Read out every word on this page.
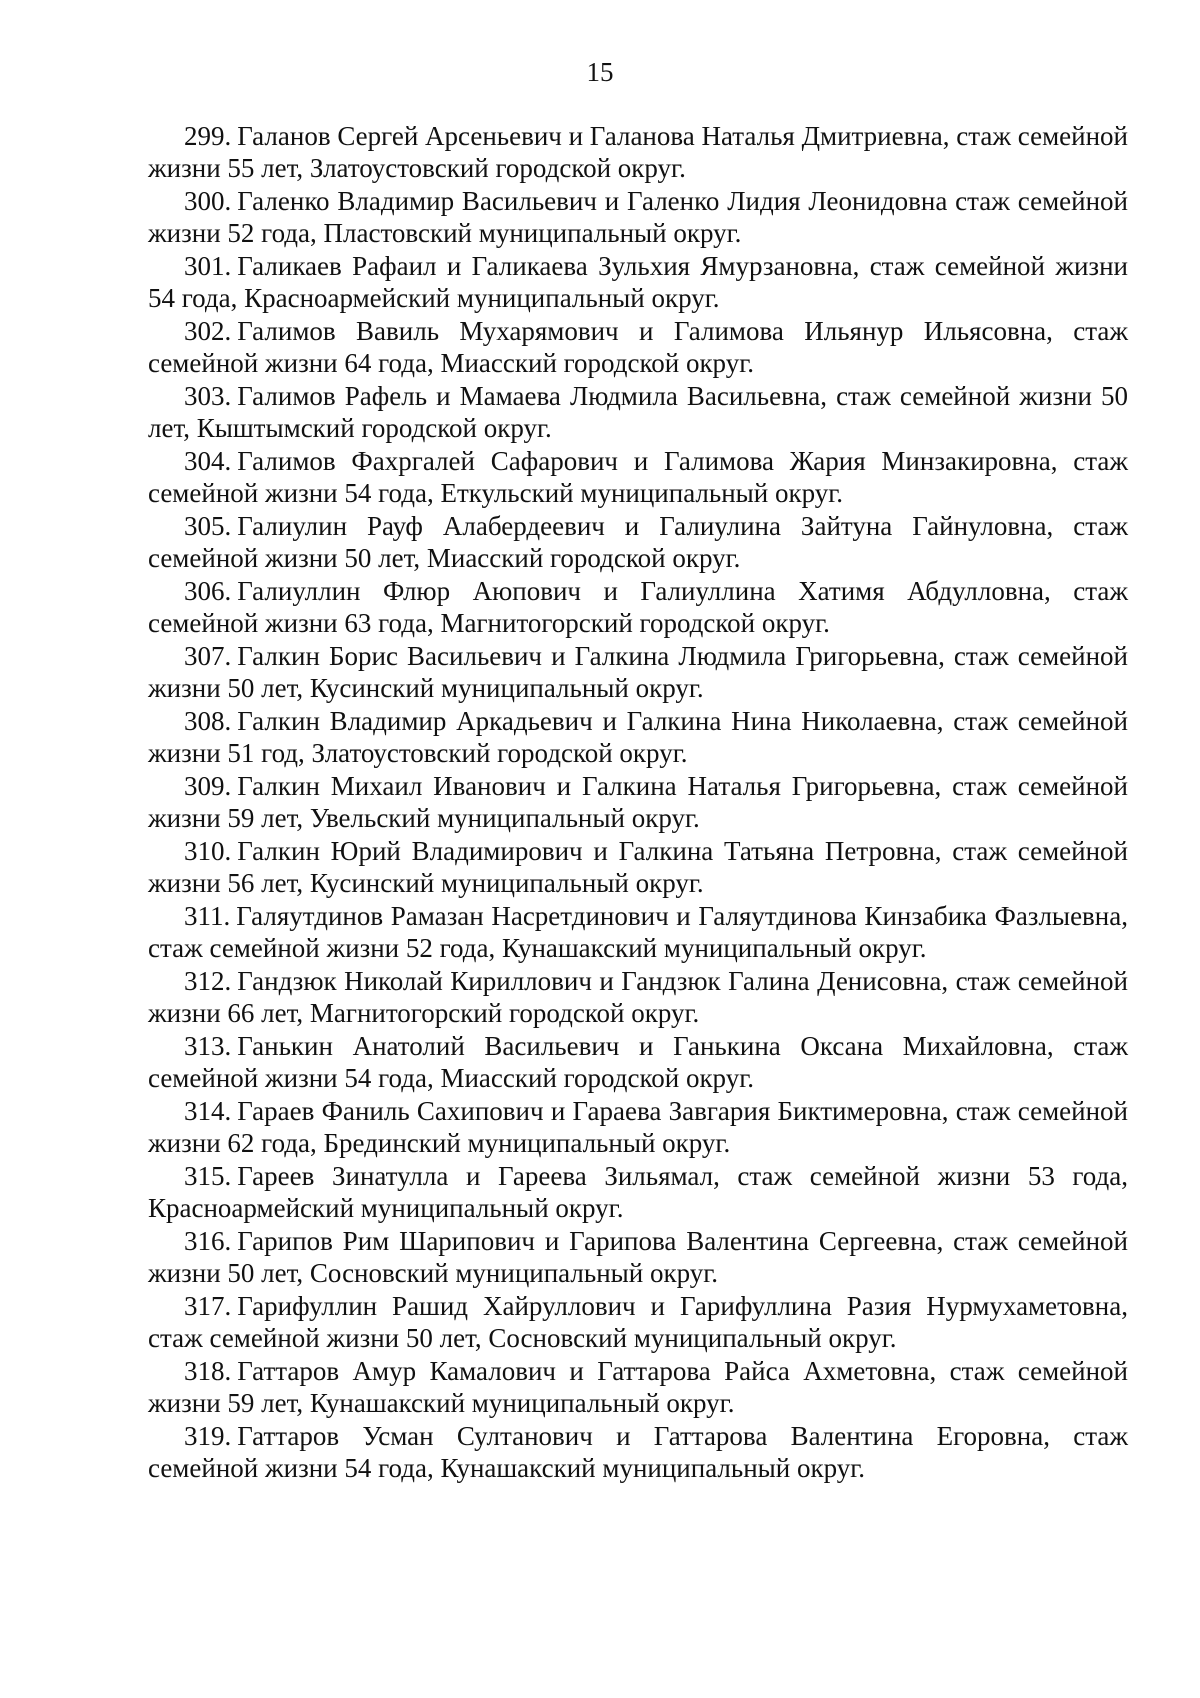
15

299. Галанов Сергей Арсеньевич и Галанова Наталья Дмитриевна, стаж семейной жизни 55 лет, Златоустовский городской округ.

300. Галенко Владимир Васильевич и Галенко Лидия Леонидовна стаж семейной жизни 52 года, Пластовский муниципальный округ.

301. Галикаев Рафаил и Галикаева Зульхия Ямурзановна, стаж семейной жизни 54 года, Красноармейский муниципальный округ.

302. Галимов Вавиль Мухарямович и Галимова Ильянур Ильясовна, стаж семейной жизни 64 года, Миасский городской округ.

303. Галимов Рафель и Мамаева Людмила Васильевна, стаж семейной жизни 50 лет, Кыштымский городской округ.

304. Галимов Фахргалей Сафарович и Галимова Жария Минзакировна, стаж семейной жизни 54 года, Еткульский муниципальный округ.

305. Галиулин Рауф Алабердеевич и Галиулина Зайтуна Гайнуловна, стаж семейной жизни 50 лет, Миасский городской округ.

306. Галиуллин Флюр Аюпович и Галиуллина Хатимя Абдулловна, стаж семейной жизни 63 года, Магнитогорский городской округ.

307. Галкин Борис Васильевич и Галкина Людмила Григорьевна, стаж семейной жизни 50 лет, Кусинский муниципальный округ.

308. Галкин Владимир Аркадьевич и Галкина Нина Николаевна, стаж семейной жизни 51 год, Златоустовский городской округ.

309. Галкин Михаил Иванович и Галкина Наталья Григорьевна, стаж семейной жизни 59 лет, Увельский муниципальный округ.

310. Галкин Юрий Владимирович и Галкина Татьяна Петровна, стаж семейной жизни 56 лет, Кусинский муниципальный округ.

311. Галяутдинов Рамазан Насретдинович и Галяутдинова Кинзабика Фазлыевна, стаж семейной жизни 52 года, Кунашакский муниципальный округ.

312. Гандзюк Николай Кириллович и Гандзюк Галина Денисовна, стаж семейной жизни 66 лет, Магнитогорский городской округ.

313. Ганькин Анатолий Васильевич и Ганькина Оксана Михайловна, стаж семейной жизни 54 года, Миасский городской округ.

314. Гараев Фаниль Сахипович и Гараева Завгария Биктимеровна, стаж семейной жизни 62 года, Брединский муниципальный округ.

315. Гареев Зинатулла и Гареева Зильямал, стаж семейной жизни 53 года, Красноармейский муниципальный округ.

316. Гарипов Рим Шарипович и Гарипова Валентина Сергеевна, стаж семейной жизни 50 лет, Сосновский муниципальный округ.

317. Гарифуллин Рашид Хайруллович и Гарифуллина Разия Нурмухаметовна, стаж семейной жизни 50 лет, Сосновский муниципальный округ.

318. Гаттаров Амур Камалович и Гаттарова Райса Ахметовна, стаж семейной жизни 59 лет, Кунашакский муниципальный округ.

319. Гаттаров Усман Султанович и Гаттарова Валентина Егоровна, стаж семейной жизни 54 года, Кунашакский муниципальный округ.
